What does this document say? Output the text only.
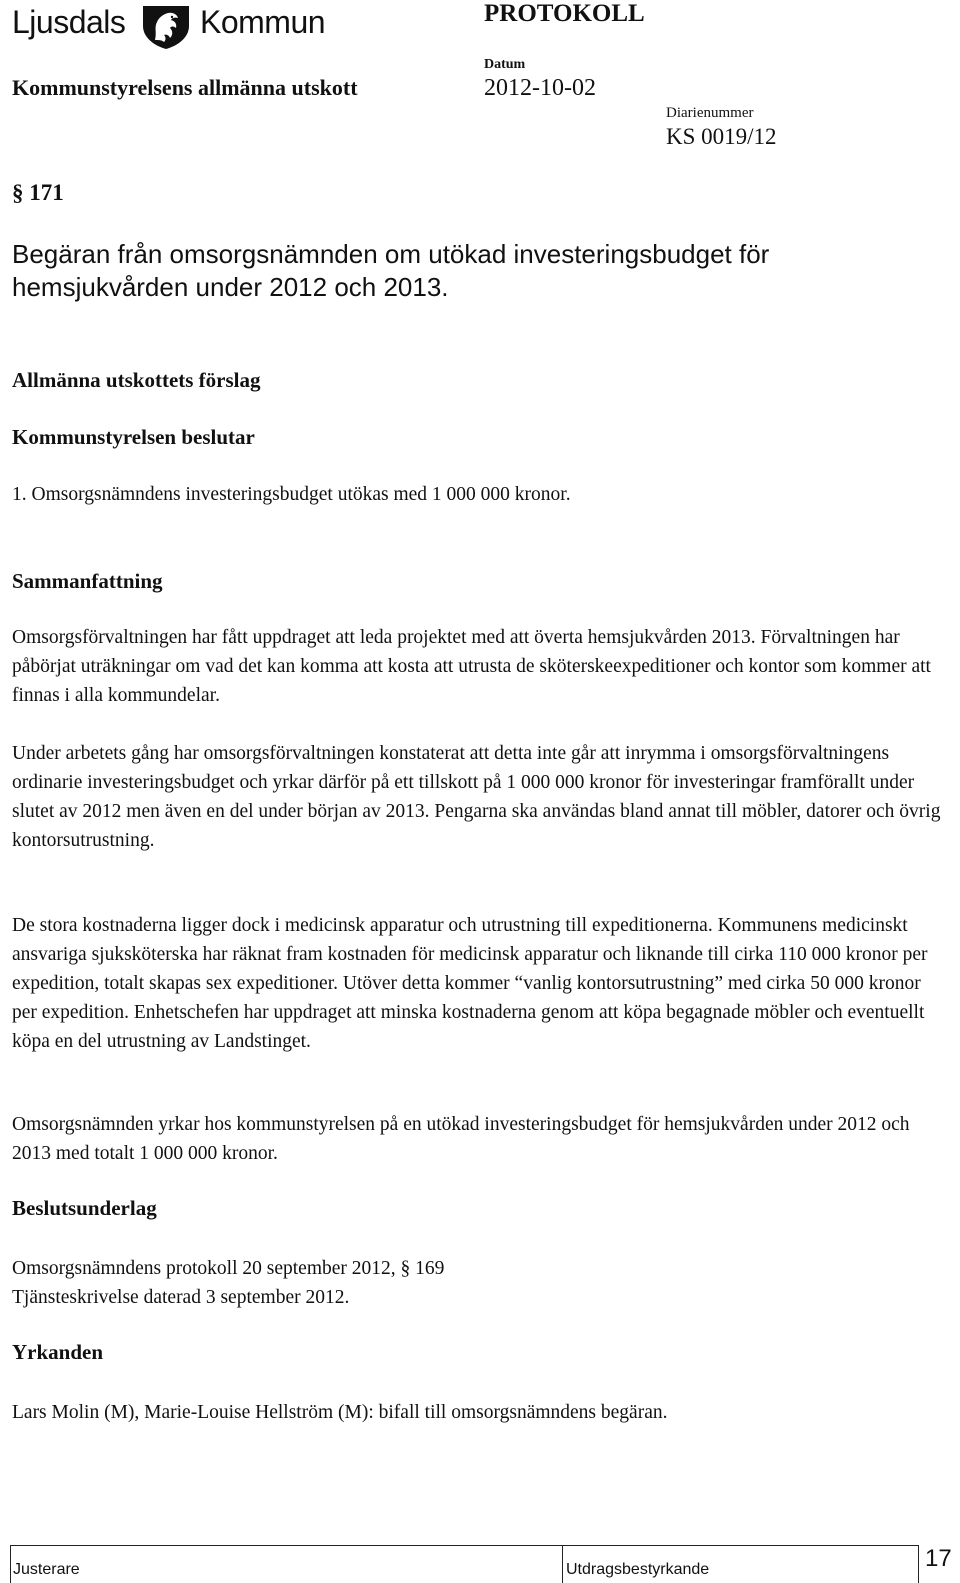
Ljusdals Kommun	PROTOKOLL
Kommunstyrelsens allmänna utskott
Datum
2012-10-02
Diarienummer
KS 0019/12
§ 171
Begäran från omsorgsnämnden om utökad investeringsbudget för hemsjukvården under 2012 och 2013.
Allmänna utskottets förslag
Kommunstyrelsen beslutar
1. Omsorgsnämndens investeringsbudget utökas med 1 000 000 kronor.
Sammanfattning
Omsorgsförvaltningen har fått uppdraget att leda projektet med att överta hemsjukvården 2013. Förvaltningen har påbörjat uträkningar om vad det kan komma att kosta att utrusta de sköterskeexpeditioner och kontor som kommer att finnas i alla kommundelar.
Under arbetets gång har omsorgsförvaltningen konstaterat att detta inte går att inrymma i omsorgsförvaltningens ordinarie investeringsbudget och yrkar därför på ett tillskott på 1 000 000 kronor för investeringar framförallt under slutet av 2012 men även en del under början av 2013. Pengarna ska användas bland annat till möbler, datorer och övrig kontorsutrustning.
De stora kostnaderna ligger dock i medicinsk apparatur och utrustning till expeditionerna. Kommunens medicinskt ansvariga sjuksköterska har räknat fram kostnaden för medicinsk apparatur och liknande till cirka 110 000 kronor per expedition, totalt skapas sex expeditioner. Utöver detta kommer “vanlig kontorsutrustning” med cirka 50 000 kronor per expedition. Enhetschefen har uppdraget att minska kostnaderna genom att köpa begagnade möbler och eventuellt köpa en del utrustning av Landstinget.
Omsorgsnämnden yrkar hos kommunstyrelsen på en utökad investeringsbudget för hemsjukvården under 2012 och 2013 med totalt 1 000 000 kronor.
Beslutsunderlag
Omsorgsnämndens protokoll 20 september 2012, § 169
Tjänsteskrivelse daterad 3 september 2012.
Yrkanden
Lars Molin (M), Marie-Louise Hellström (M): bifall till omsorgsnämndens begäran.
Justerare	Utdragsbestyrkande	17
